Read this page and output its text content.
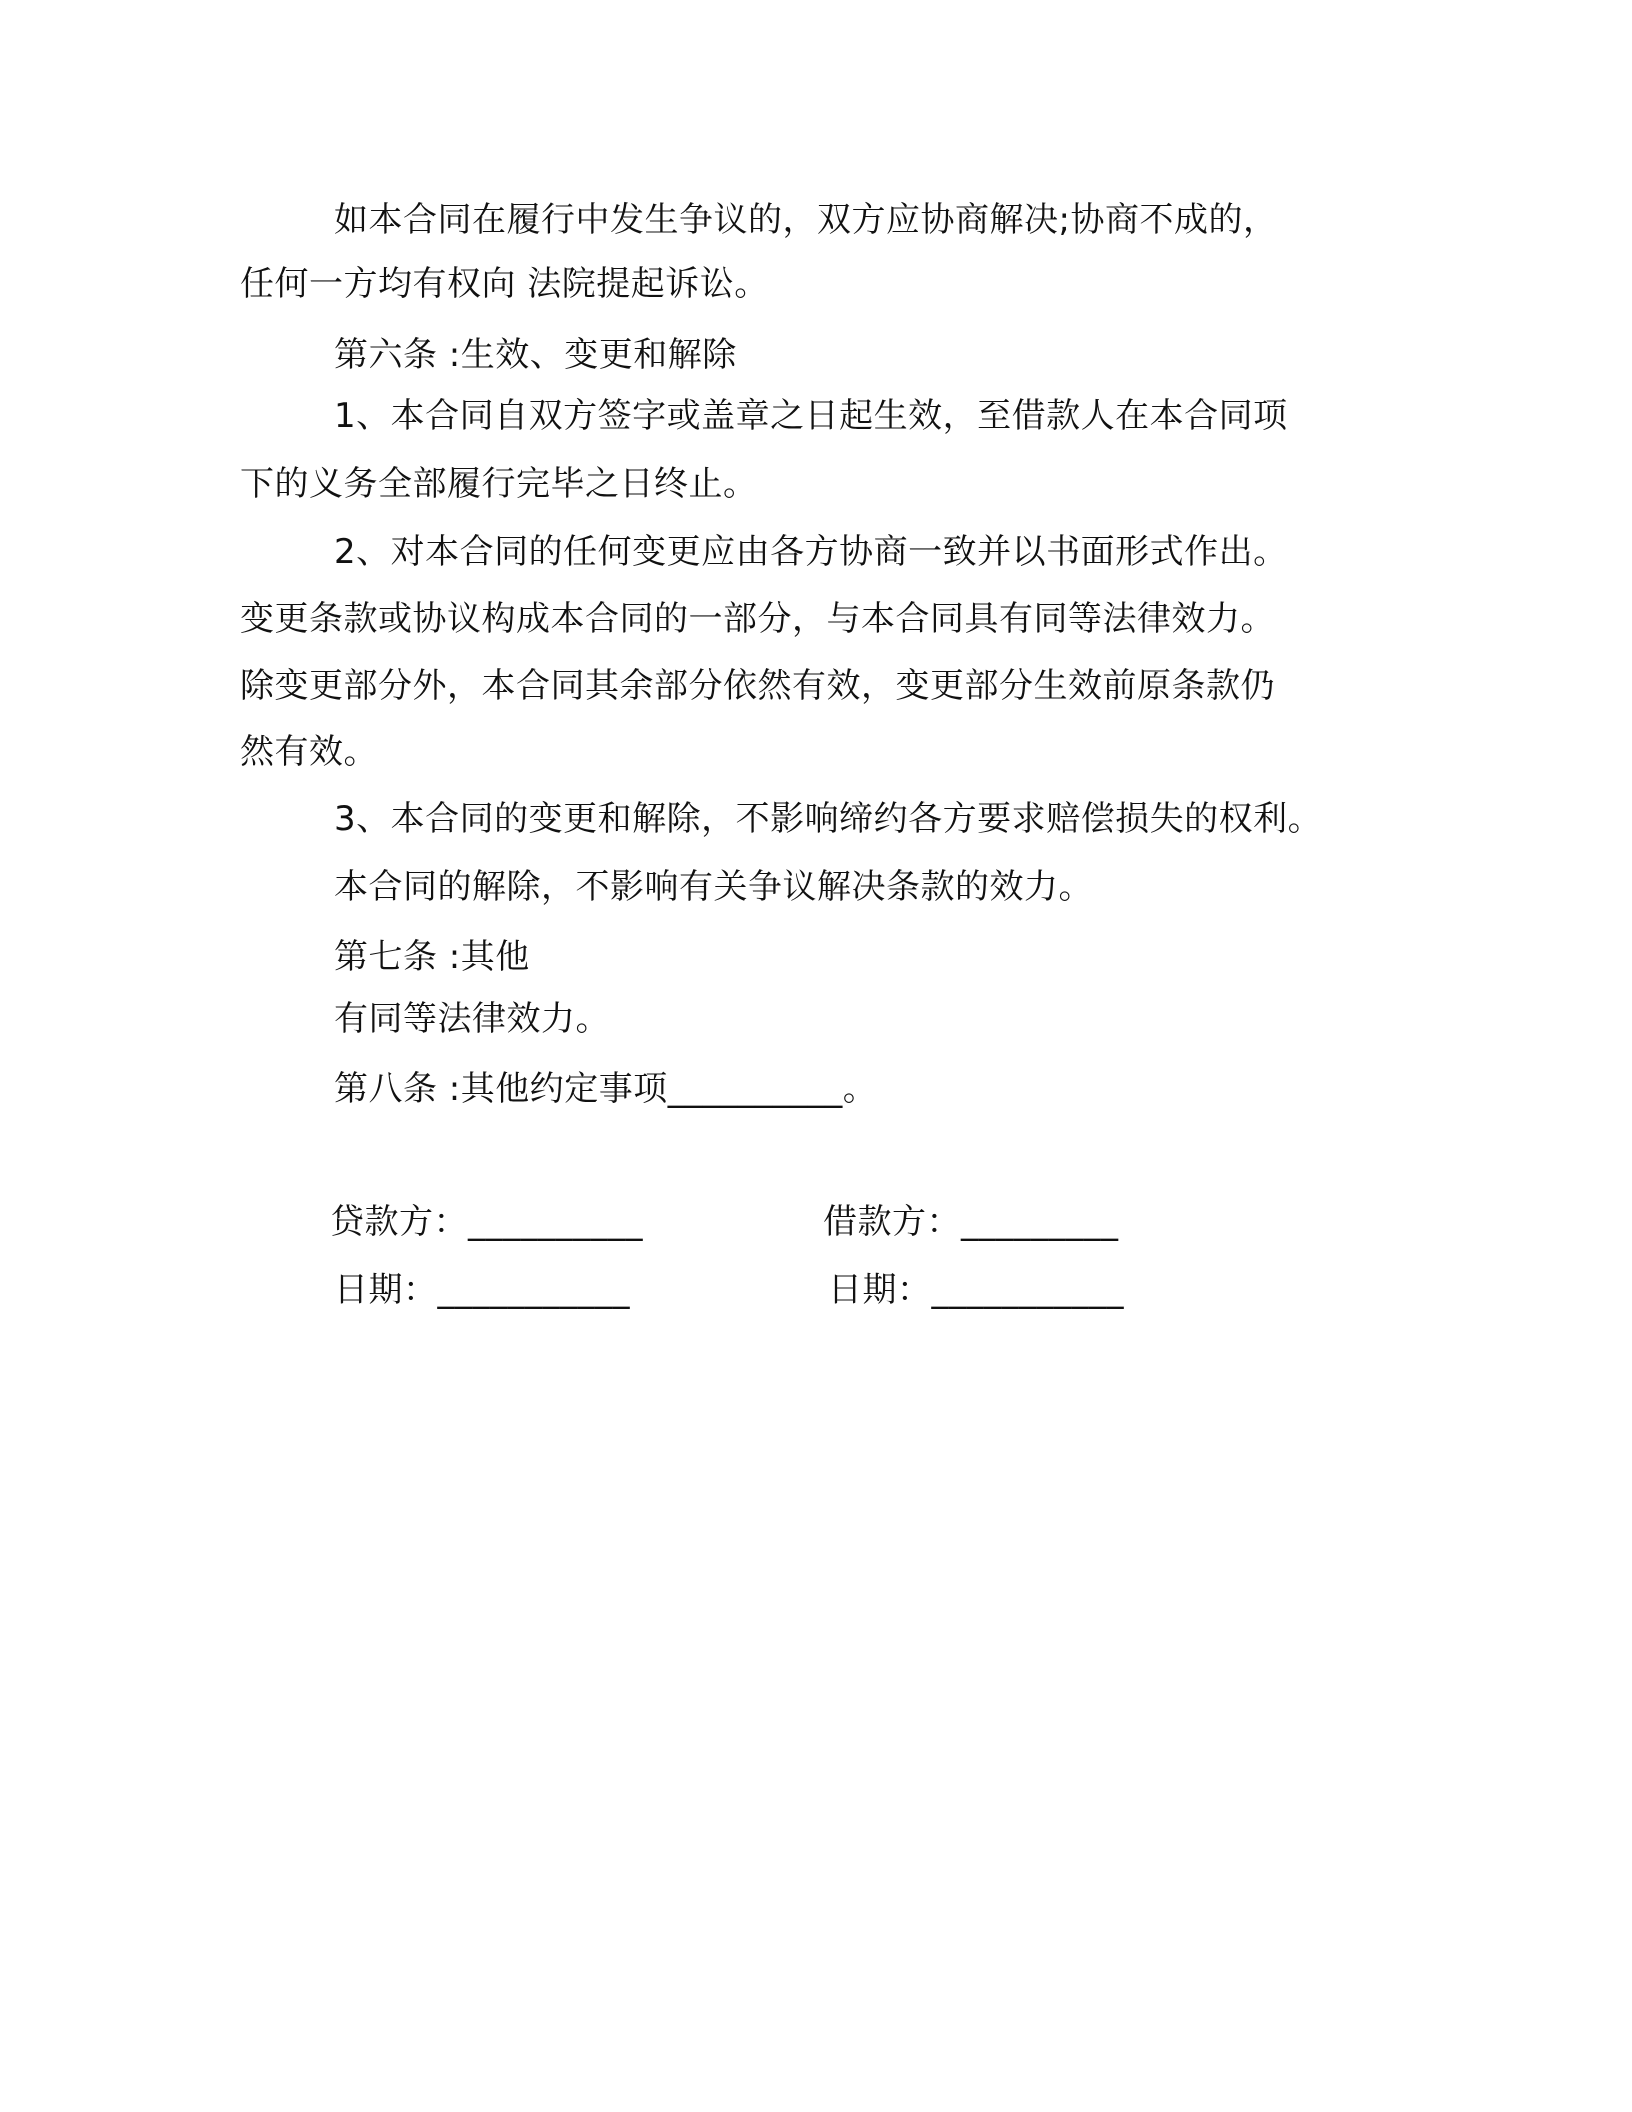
如本合同在履行中发生争议的，双方应协商解决;协商不成的，
任何一方均有权向 法院提起诉讼。
第六条 :生效、变更和解除
1、本合同自双方签字或盖章之日起生效，至借款人在本合同项
下的义务全部履行完毕之日终止。
2、对本合同的任何变更应由各方协商一致并以书面形式作出。
变更条款或协议构成本合同的一部分，与本合同具有同等法律效力。
除变更部分外，本合同其余部分依然有效，变更部分生效前原条款仍
然有效。
3、本合同的变更和解除，不影响缔约各方要求赔偿损失的权利。
本合同的解除，不影响有关争议解决条款的效力。
第七条 :其他
有同等法律效力。
第八条 :其他约定事项__________。
贷款方：__________	借款方：_________
日期：___________	日期：___________
